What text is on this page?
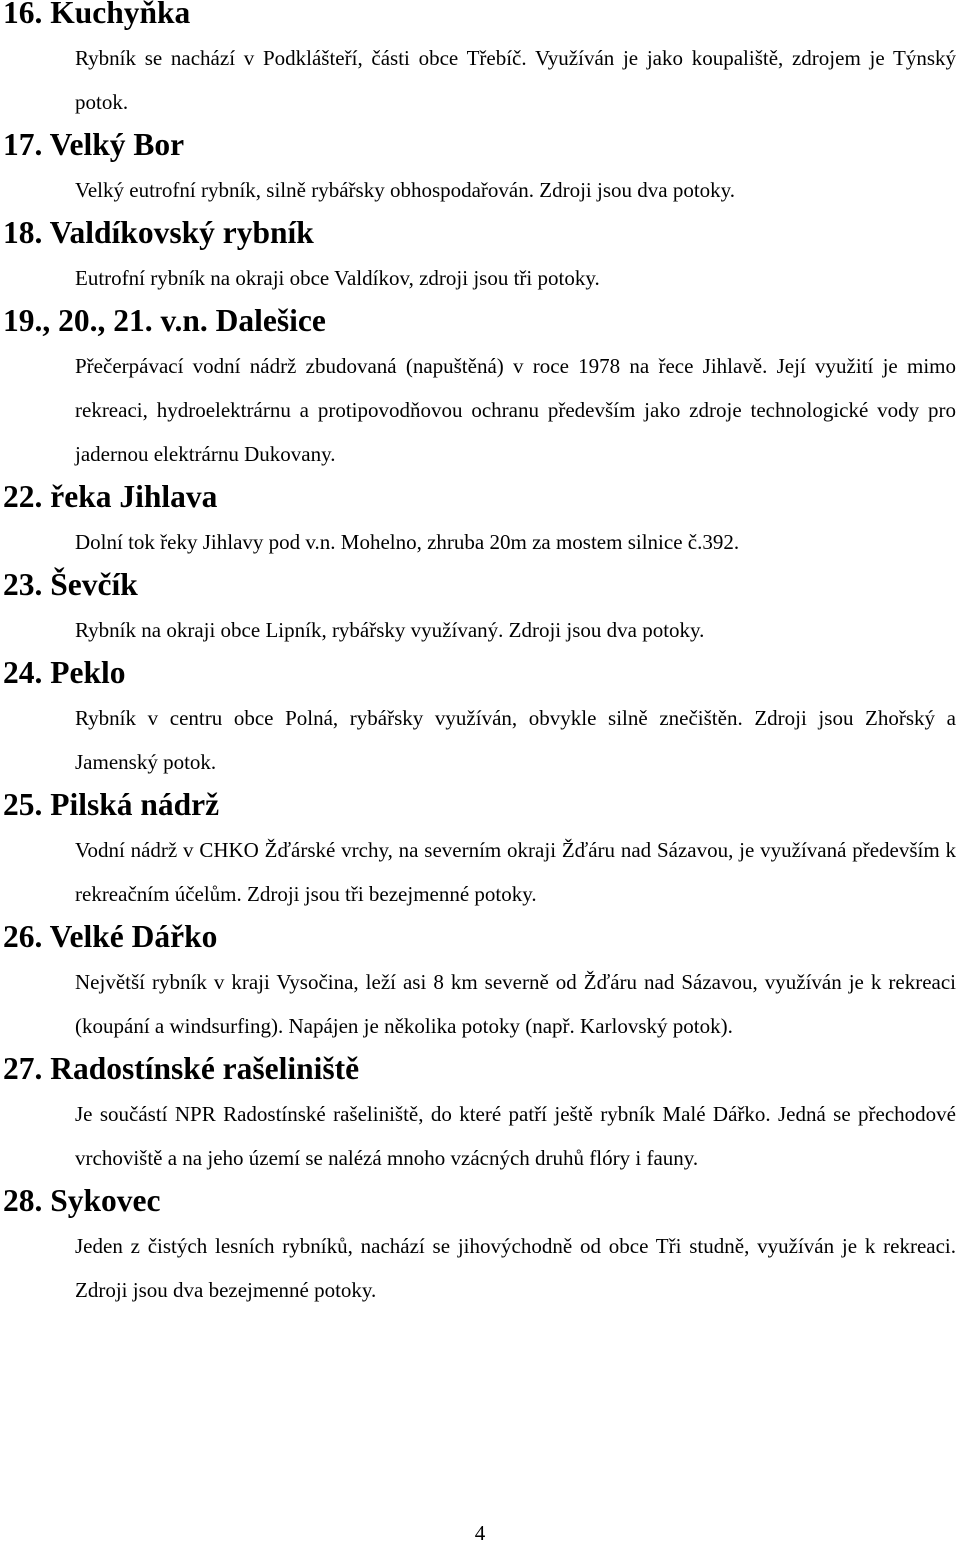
16. Kuchyňka

Rybník se nachází v Podklášteří, části obce Třebíč. Využíván je jako koupaliště, zdrojem je Týnský potok.

17. Velký Bor

Velký eutrofní rybník, silně rybářsky obhospodařován. Zdroji jsou dva potoky.

18. Valdíkovský rybník

Eutrofní rybník na okraji obce Valdíkov, zdroji jsou tři potoky.

19., 20., 21. v.n. Dalešice

Přečerpávací vodní nádrž zbudovaná (napuštěná) v roce 1978 na řece Jihlavě. Její využití je mimo rekreaci, hydroelektrárnu a protipovodňovou ochranu především jako zdroje technologické vody pro jadernou elektrárnu Dukovany.

22. řeka Jihlava

Dolní tok řeky Jihlavy pod v.n. Mohelno, zhruba 20m za mostem silnice č.392.

23. Ševčík

Rybník na okraji obce Lipník, rybářsky využívaný. Zdroji jsou dva potoky.

24. Peklo

Rybník v centru obce Polná, rybářsky využíván, obvykle silně znečištěn. Zdroji jsou Zhořský a Jamenský potok.

25. Pilská nádrž

Vodní nádrž v CHKO Žďárské vrchy, na severním okraji Žďáru nad Sázavou, je využívaná především k rekreačním účelům. Zdroji jsou tři bezejmenné potoky.

26. Velké Dářko

Největší rybník v kraji Vysočina, leží asi 8 km severně od Žďáru nad Sázavou, využíván je k rekreaci (koupání a windsurfing). Napájen je několika potoky (např. Karlovský potok).

27. Radostínské rašeliniště

Je součástí NPR Radostínské rašeliniště, do které patří ještě rybník Malé Dářko. Jedná se přechodové vrchoviště a na jeho území se nalézá mnoho vzácných druhů flóry i fauny.

28. Sykovec

Jeden z čistých lesních rybníků, nachází se jihovýchodně od obce Tři studně, využíván je k rekreaci. Zdroji jsou dva bezejmenné potoky.

4
